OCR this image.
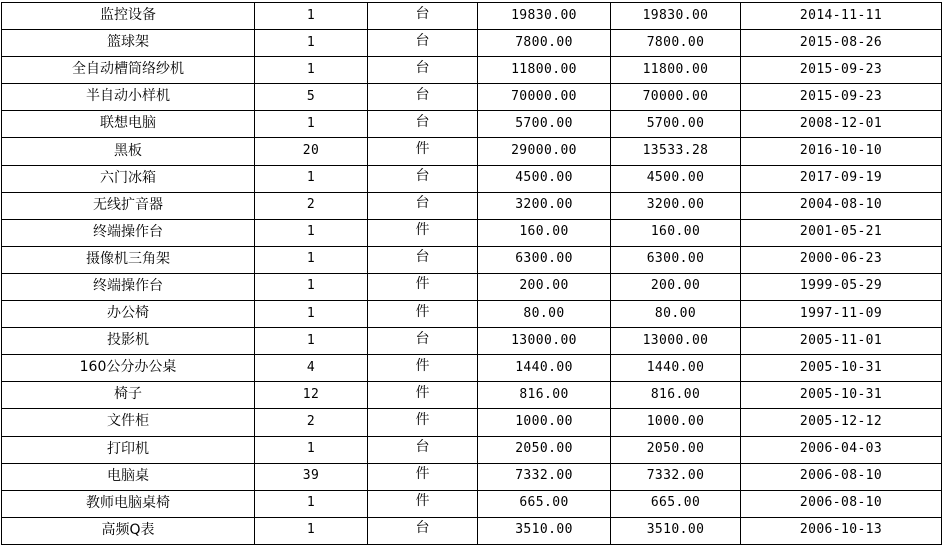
监控设备	1	台	19830.00	19830.00	2014-11-11
篮球架	1	台	7800.00	7800.00	2015-08-26
全自动槽筒络纱机	1	台	11800.00	11800.00	2015-09-23
半自动小样机	5	台	70000.00	70000.00	2015-09-23
联想电脑	1	台	5700.00	5700.00	2008-12-01
黑板	20	件	29000.00	13533.28	2016-10-10
六门冰箱	1	台	4500.00	4500.00	2017-09-19
无线扩音器	2	台	3200.00	3200.00	2004-08-10
终端操作台	1	件	160.00	160.00	2001-05-21
摄像机三角架	1	台	6300.00	6300.00	2000-06-23
终端操作台	1	件	200.00	200.00	1999-05-29
办公椅	1	件	80.00	80.00	1997-11-09
投影机	1	台	13000.00	13000.00	2005-11-01
160公分办公桌	4	件	1440.00	1440.00	2005-10-31
椅子	12	件	816.00	816.00	2005-10-31
文件柜	2	件	1000.00	1000.00	2005-12-12
打印机	1	台	2050.00	2050.00	2006-04-03
电脑桌	39	件	7332.00	7332.00	2006-08-10
教师电脑桌椅	1	件	665.00	665.00	2006-08-10
高频Q表	1	台	3510.00	3510.00	2006-10-13
